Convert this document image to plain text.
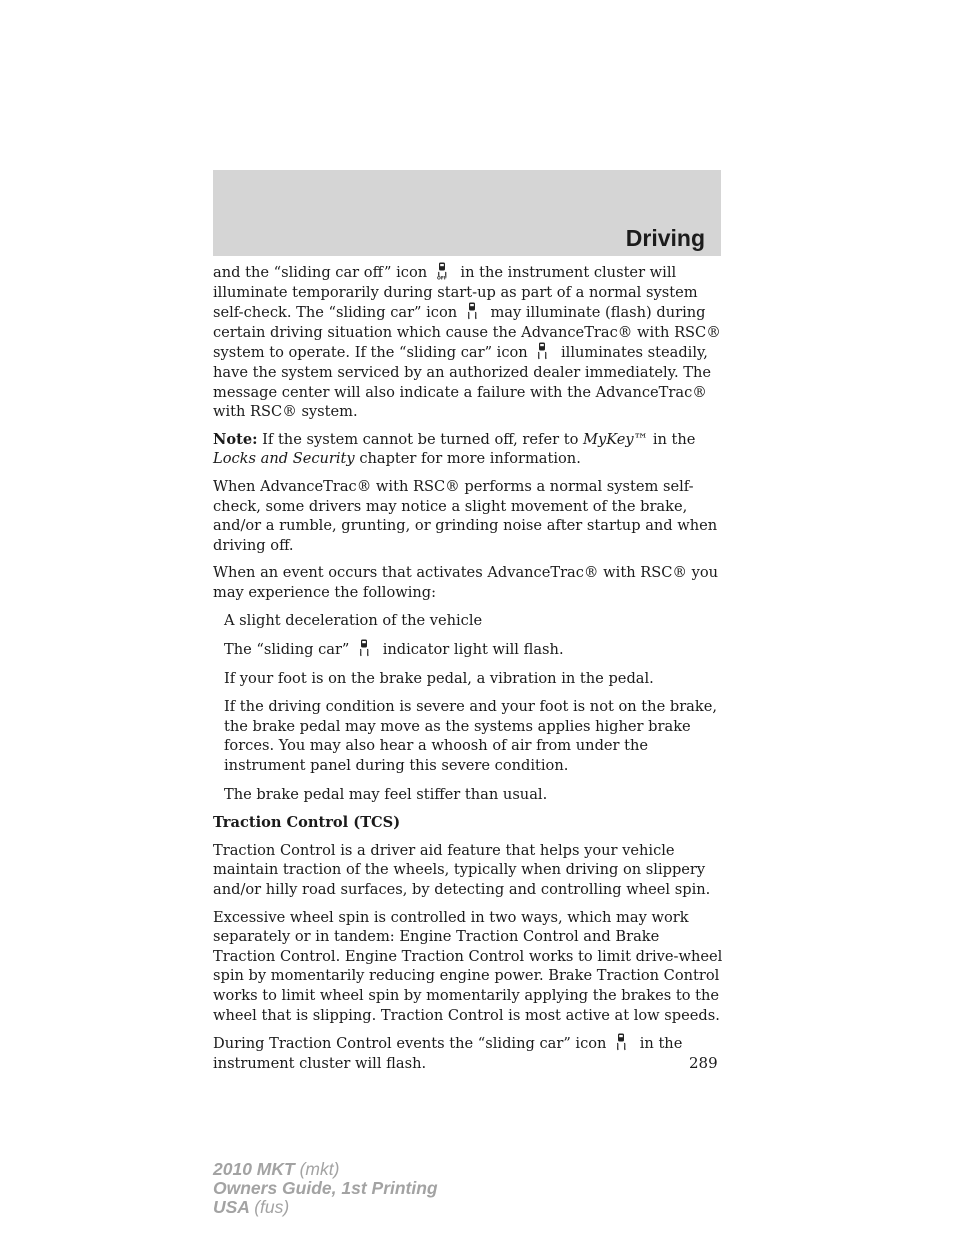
Driving

and the “sliding car off” icon OFF in the instrument cluster will illuminate temporarily during start-up as part of a normal system self-check. The “sliding car” icon may illuminate (flash) during certain driving situation which cause the AdvanceTrac® with RSC® system to operate. If the “sliding car” icon illuminates steadily, have the system serviced by an authorized dealer immediately. The message center will also indicate a failure with the AdvanceTrac® with RSC® system.

Note: If the system cannot be turned off, refer to MyKey™ in the Locks and Security chapter for more information.

When AdvanceTrac® with RSC® performs a normal system self-check, some drivers may notice a slight movement of the brake, and/or a rumble, grunting, or grinding noise after startup and when driving off.

When an event occurs that activates AdvanceTrac® with RSC® you may experience the following:

A slight deceleration of the vehicle
The “sliding car” indicator light will flash.
If your foot is on the brake pedal, a vibration in the pedal.
If the driving condition is severe and your foot is not on the brake, the brake pedal may move as the systems applies higher brake forces. You may also hear a whoosh of air from under the instrument panel during this severe condition.
The brake pedal may feel stiffer than usual.

Traction Control (TCS)

Traction Control is a driver aid feature that helps your vehicle maintain traction of the wheels, typically when driving on slippery and/or hilly road surfaces, by detecting and controlling wheel spin.

Excessive wheel spin is controlled in two ways, which may work separately or in tandem: Engine Traction Control and Brake Traction Control. Engine Traction Control works to limit drive-wheel spin by momentarily reducing engine power. Brake Traction Control works to limit wheel spin by momentarily applying the brakes to the wheel that is slipping. Traction Control is most active at low speeds.

During Traction Control events the “sliding car” icon in the instrument cluster will flash.	289
2010 MKT (mkt)
Owners Guide, 1st Printing
USA (fus)
